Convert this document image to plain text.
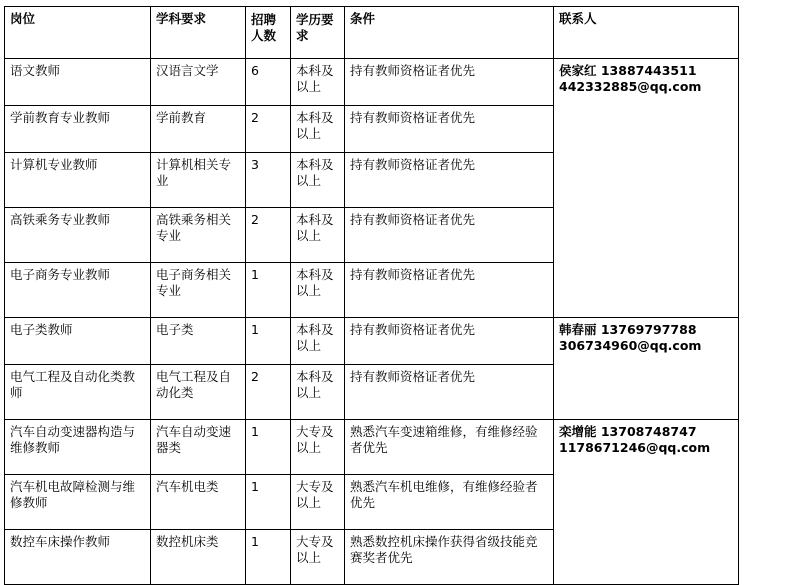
岗位	学科要求	招聘人数	学历要求	条件	联系人
语文教师	汉语言文学	6	本科及以上	持有教师资格证者优先	侯家红 13887443511
442332885@qq.com

学前教育专业教师	学前教育	2	本科及以上	持有教师资格证者优先	
计算机专业教师	计算机相关专业	3	本科及以上	持有教师资格证者优先	
高铁乘务专业教师	高铁乘务相关专业	2	本科及以上	持有教师资格证者优先	
电子商务专业教师	电子商务相关专业	1	本科及以上	持有教师资格证者优先	
电子类教师	电子类	1	本科及以上	持有教师资格证者优先	韩春丽 13769797788
306734960@qq.com

电气工程及自动化类教师	电气工程及自动化类	2	本科及以上	持有教师资格证者优先	
汽车自动变速器构造与维修教师	汽车自动变速器类	1	大专及以上	熟悉汽车变速箱维修，有维修经验者优先	栾增能 13708748747
1178671246@qq.com

汽车机电故障检测与维修教师	汽车机电类	1	大专及以上	熟悉汽车机电维修，有维修经验者优先	
数控车床操作教师	数控机床类	1	大专及以上	熟悉数控机床操作获得省级技能竞赛奖者优先	
